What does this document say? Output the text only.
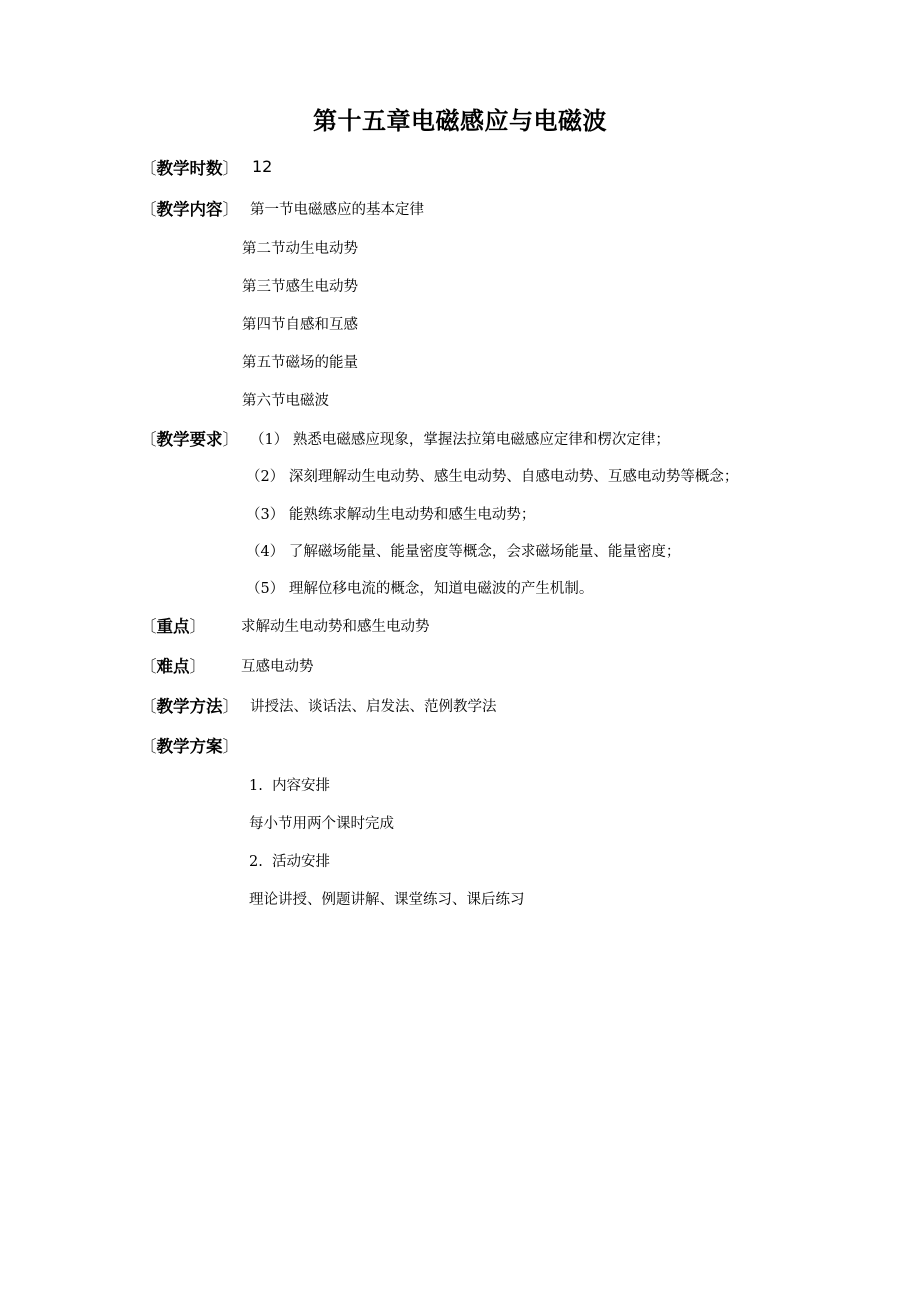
第十五章电磁感应与电磁波
〔教学时数〕 12
〔教学内容〕 第一节电磁感应的基本定律
第二节动生电动势
第三节感生电动势
第四节自感和互感
第五节磁场的能量
第六节电磁波
〔教学要求〕 （1） 熟悉电磁感应现象，掌握法拉第电磁感应定律和楞次定律；
（2） 深刻理解动生电动势、感生电动势、自感电动势、互感电动势等概念；
（3） 能熟练求解动生电动势和感生电动势；
（4） 了解磁场能量、能量密度等概念，会求磁场能量、能量密度；
（5） 理解位移电流的概念，知道电磁波的产生机制。
〔重点〕 求解动生电动势和感生电动势
〔难点〕 互感电动势
〔教学方法〕 讲授法、谈话法、启发法、范例教学法
〔教学方案〕
1. 内容安排
每小节用两个课时完成
2. 活动安排
理论讲授、例题讲解、课堂练习、课后练习
